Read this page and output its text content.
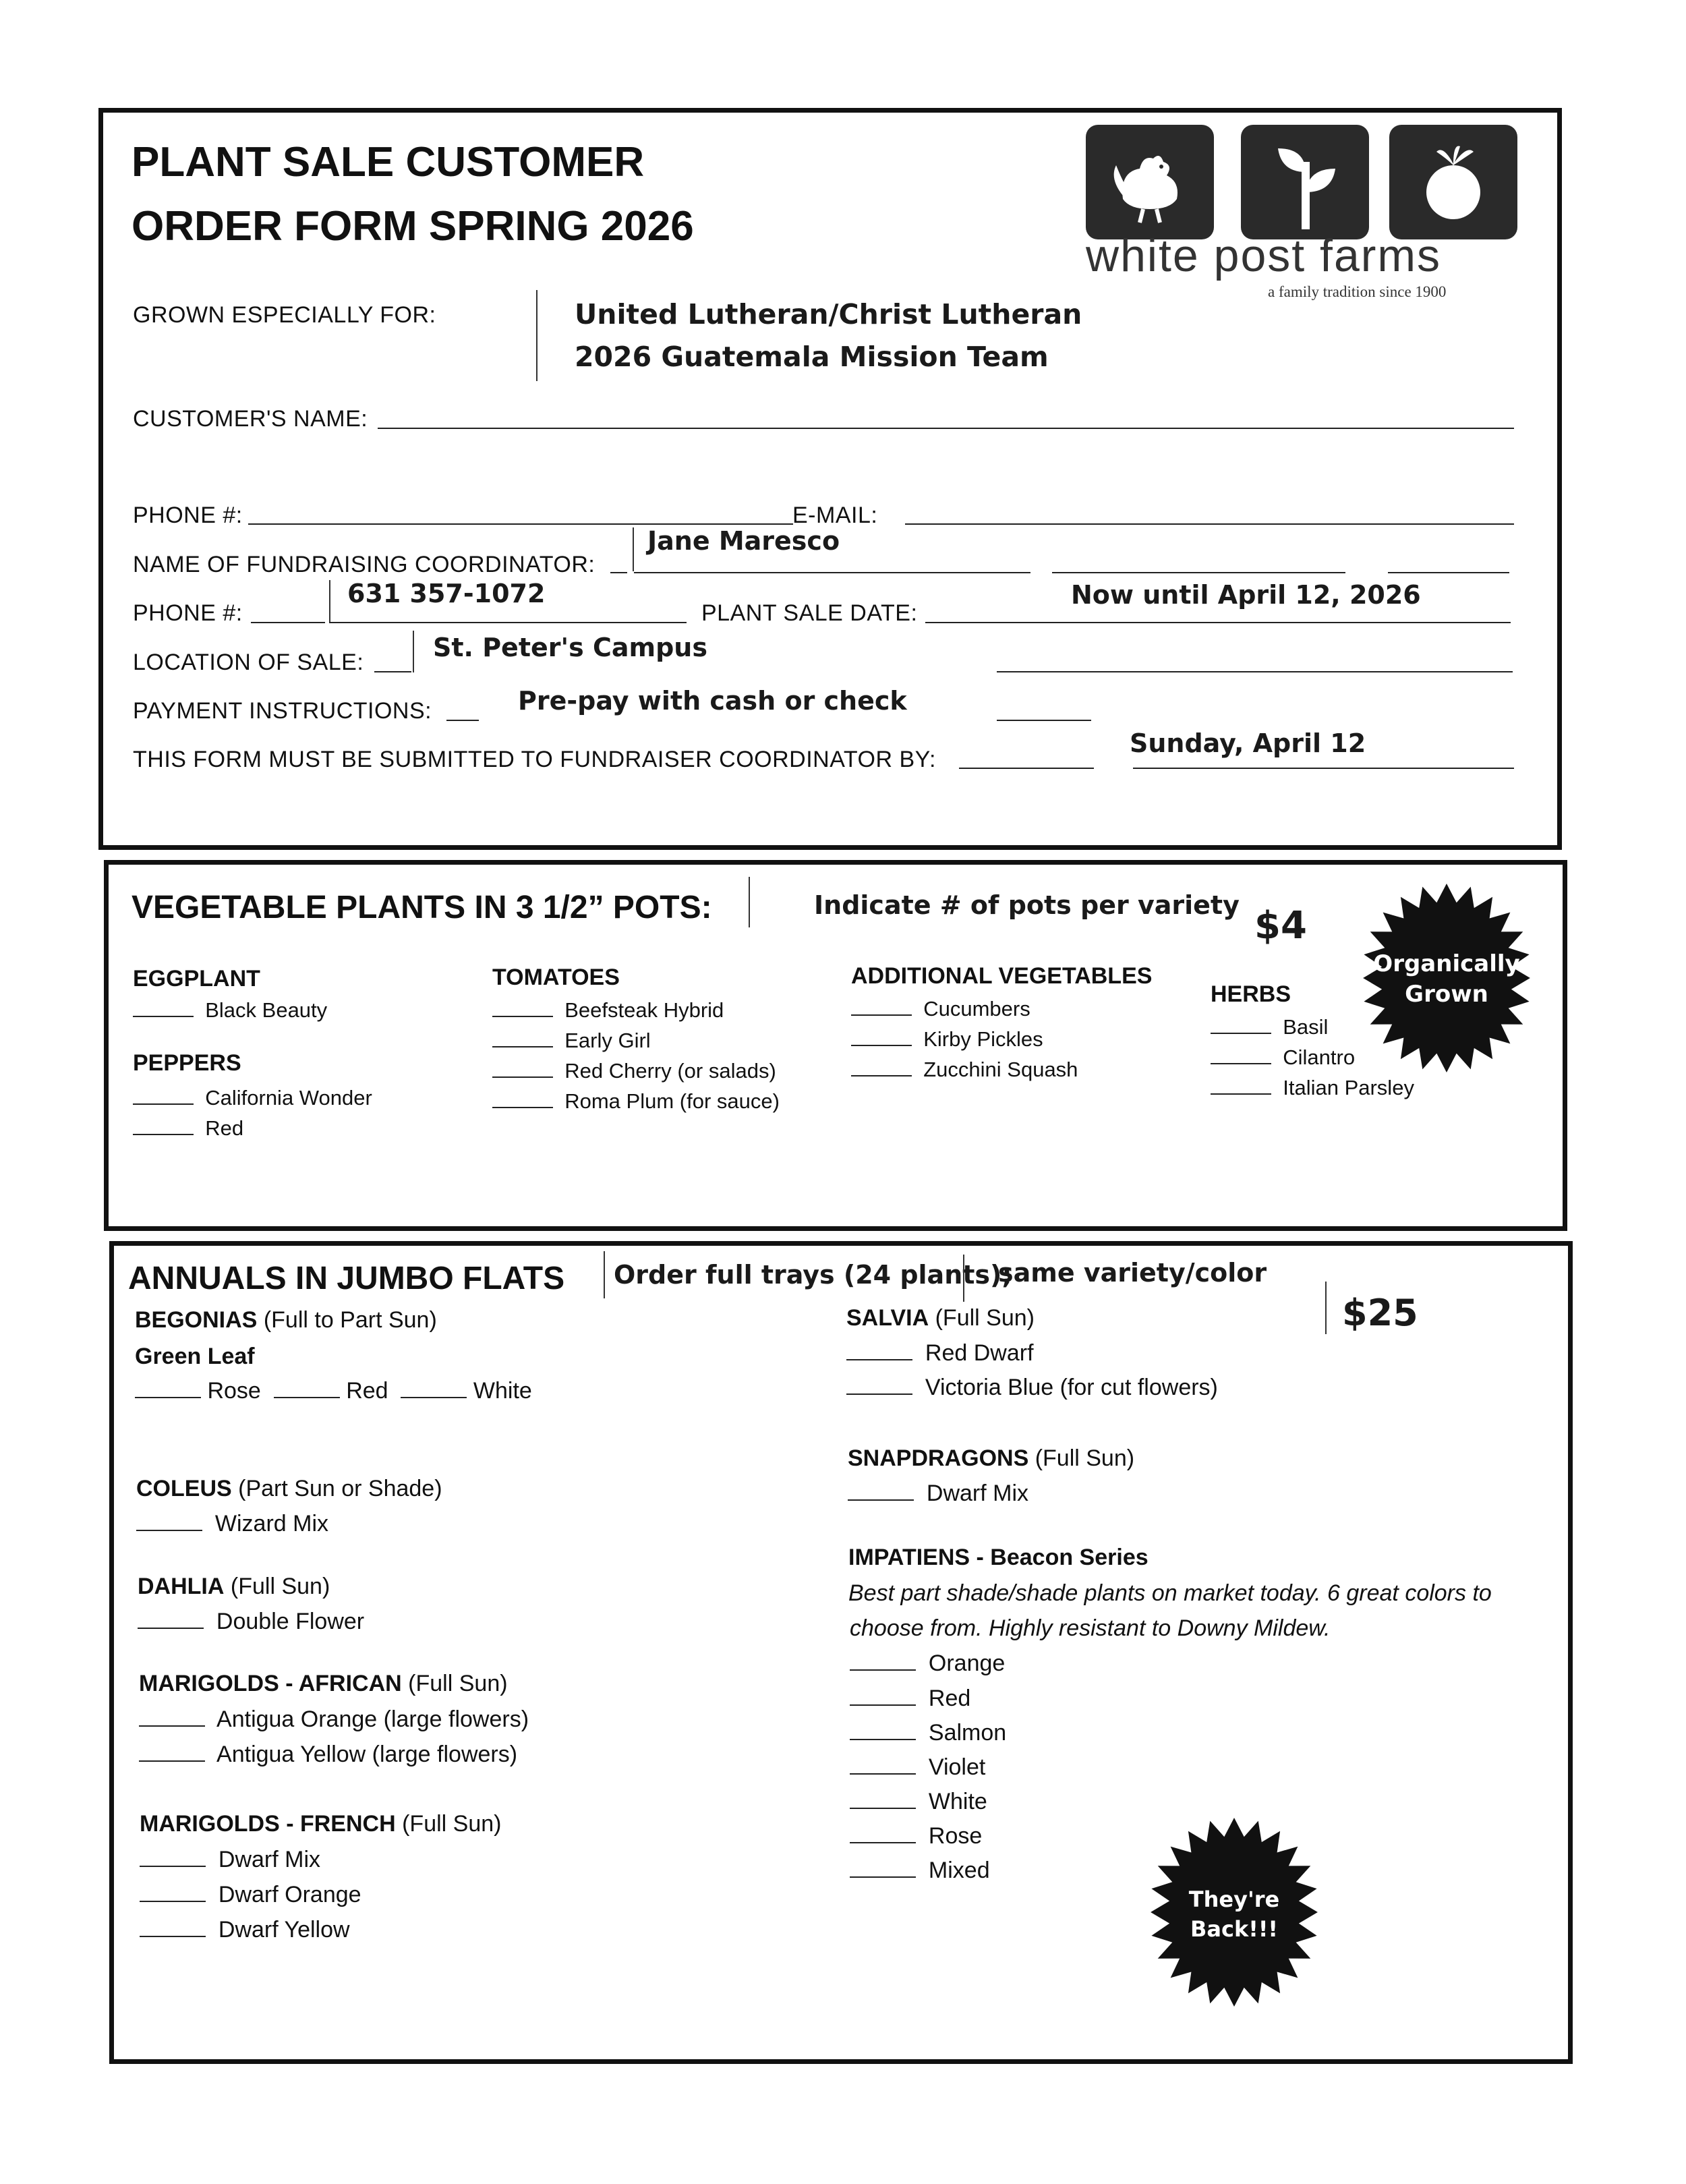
PLANT SALE CUSTOMER
ORDER FORM SPRING 2026
white post farms
a family tradition since 1900
GROWN ESPECIALLY FOR:	United Lutheran/Christ Lutheran
2026 Guatemala Mission Team
CUSTOMER'S NAME:
PHONE #:	E-MAIL:
NAME OF FUNDRAISING COORDINATOR:
Jane Maresco
PHONE #:
631 357-1072
PLANT SALE DATE:
Now until April 12, 2026
LOCATION OF SALE:	St. Peter's Campus
PAYMENT INSTRUCTIONS:	Pre-pay with cash or check
THIS FORM MUST BE SUBMITTED TO FUNDRAISER COORDINATOR BY:
Sunday, April 12
VEGETABLE PLANTS IN 3 1/2” POTS:	Indicate # of pots per variety $4
Organically
Grown
EGGPLANT
Black Beauty
PEPPERS
California Wonder
Red
TOMATOES
Beefsteak Hybrid
Early Girl
Red Cherry (or salads)
Roma Plum (for sauce)
ADDITIONAL VEGETABLES
Cucumbers
Kirby Pickles
Zucchini Squash
HERBS
Basil
Cilantro
Italian Parsley
ANNUALS IN JUMBO FLATS Order full trays (24 plants);
same variety/color
$25
BEGONIAS (Full to Part Sun)
Green Leaf
Rose	Red	White
COLEUS (Part Sun or Shade)
Wizard Mix
DAHLIA (Full Sun)
Double Flower
MARIGOLDS - AFRICAN (Full Sun)
Antigua Orange (large flowers)
Antigua Yellow (large flowers)
MARIGOLDS - FRENCH (Full Sun)
Dwarf Mix
Dwarf Orange
Dwarf Yellow
SALVIA (Full Sun)
Red Dwarf
Victoria Blue (for cut flowers)
SNAPDRAGONS (Full Sun)
Dwarf Mix
IMPATIENS - Beacon Series
Best part shade/shade plants on market today. 6 great colors to
choose from. Highly resistant to Downy Mildew.
Orange
Red
Salmon
Violet
White
Rose
Mixed
They're
Back!!!
